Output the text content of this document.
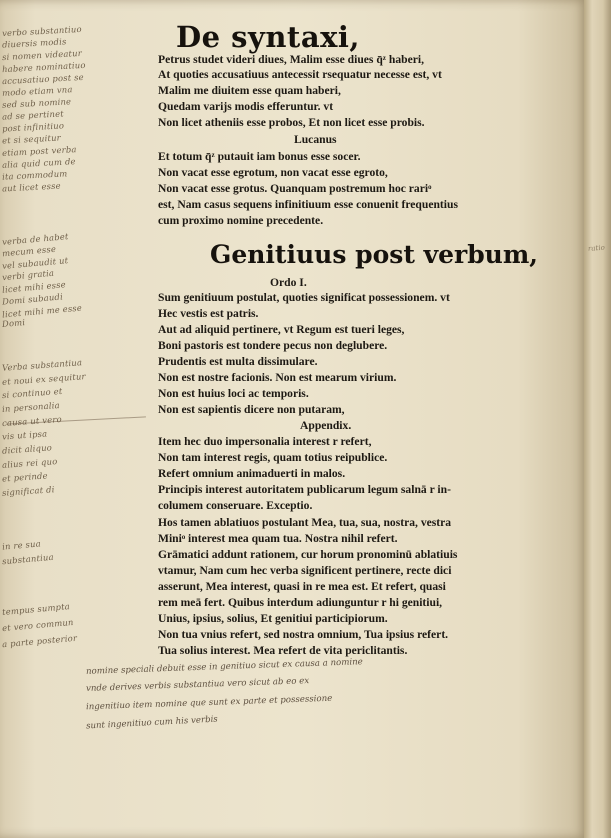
De syntaxi,
Petrus studet videri diues, Malim esse diues q̄ᶻ haberi,
At quoties accusatiuus antecessit rsequatur necesse est, vt
Malim me diuitem esse quam haberi,
Quedam varijs modis efferuntur. vt
Non licet atheniis esse probos, Et non licet esse probis.
Lucanus
Et totum q̄ᶻ putauit iam bonus esse socer.
Non vacat esse egrotum, non vacat esse egroto,
Non vacat esse grotus. Quanquam postremum hoc rariᵒ
est, Nam casus sequens infinitiuum esse conuenit frequentius
cum proximo nomine precedente.
Genitiuus post verbum,
Ordo I.
Sum genitiuum postulat, quoties significat possessionem. vt
Hec vestis est patris.
Aut ad aliquid pertinere, vt Regum est tueri leges,
Boni pastoris est tondere pecus non deglubere.
Prudentis est multa dissimulare.
Non est nostre facionis. Non est mearum virium.
Non est huius loci ac temporis.
Non est sapientis dicere non putaram,
Appendix.
Item hec duo impersonalia interest r refert,
Non tam interest regis, quam totius reipublice.
Refert omnium animaduerti in malos.
Principis interest autoritatem publicarum legum salnā r in-
columem conseruare. Exceptio.
Hos tamen ablatiuos postulant Mea, tua, sua, nostra, vestra
Miniᵒ interest mea quam tua. Nostra nihil refert.
Grāmatici addunt rationem, cur horum pronominū ablatiuis
vtamur, Nam cum hec verba significent pertinere, recte dici
asserunt, Mea interest, quasi in re mea est. Et refert, quasi
rem meā fert. Quibus interdum adiunguntur r hi genitiui,
Unius, ipsius, solius, Et genitiui participiorum.
Non tua vnius refert, sed nostra omnium, Tua ipsius refert.
Tua solius interest. Mea refert de vita periclitantis.
verbo substantiuo
diuersis modis
si nomen videatur
habere nominatiuo
accusatiuo post se
modo etiam vna
sed sub nomine
ad se pertinet
post infinitiuo
et si sequitur
etiam post verba
alia quid cum de
ita commodum
aut licet esse
verba de habet
mecum esse
vel subaudit ut
verbi gratia
licet mihi esse
Domi subaudi
licet mihi me esse
Domi
Verba substantiua
et noui ex sequitur
si continuo et
in personalia
causa ut vero
vis ut ipsa
dicit aliquo
alius rei quo
et perinde
significat di
in re sua
substantiua
tempus sumpta
et vero commun
a parte posterior
nomine speciali debuit esse in genitiuo sicut ex causa a nomine
vnde derives verbis substantiua vero sicut ab eo ex
ingenitiuo item nomine que sunt ex parte et possessione
sunt ingenitiuo cum his verbis
ratio
